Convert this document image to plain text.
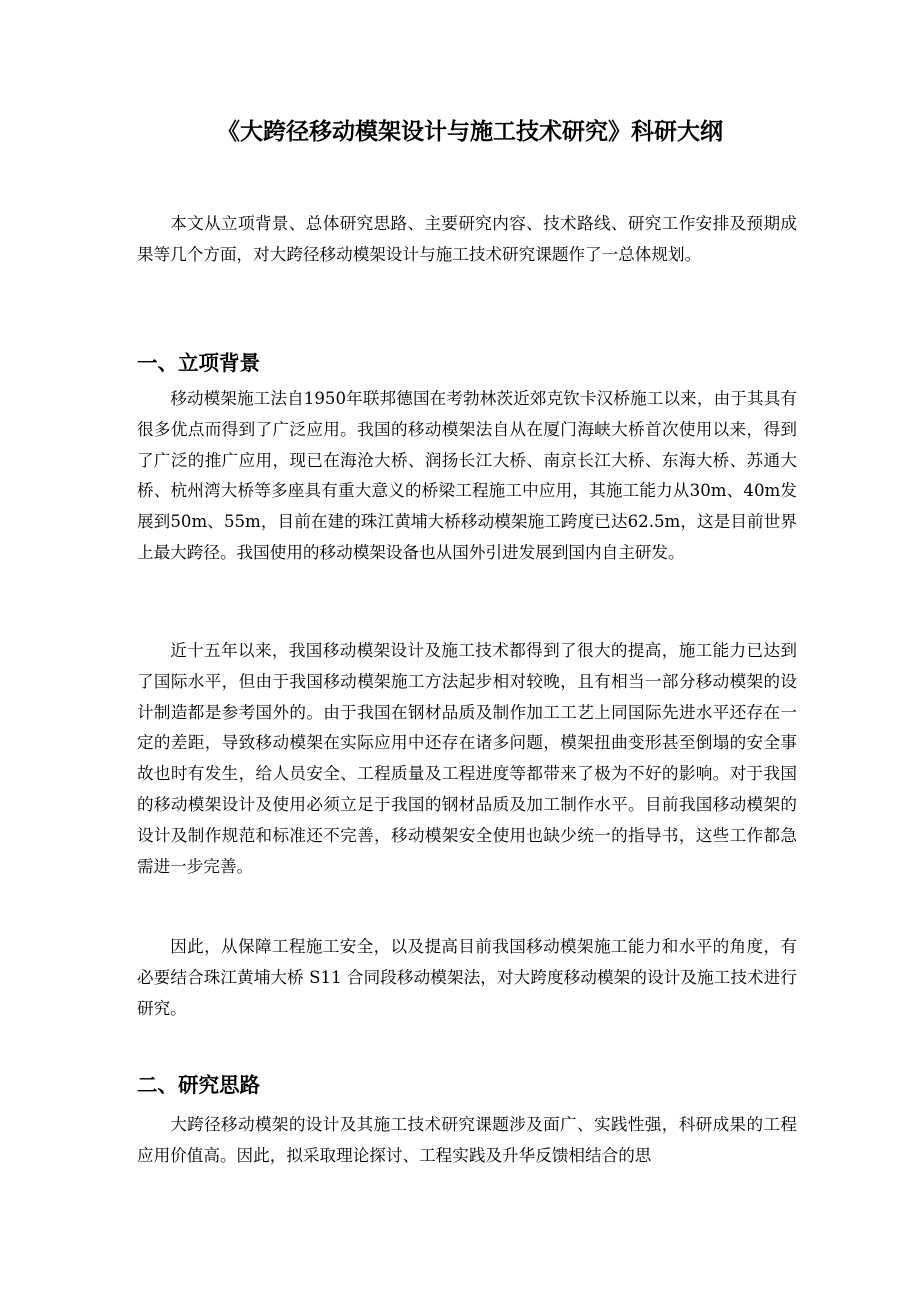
《大跨径移动模架设计与施工技术研究》科研大纲

本文从立项背景、总体研究思路、主要研究内容、技术路线、研究工作安排及预期成果等几个方面，对大跨径移动模架设计与施工技术研究课题作了一总体规划。

一、立项背景

移动模架施工法自1950年联邦德国在考勃林茨近郊克钦卡汉桥施工以来，由于其具有很多优点而得到了广泛应用。我国的移动模架法自从在厦门海峡大桥首次使用以来，得到了广泛的推广应用，现已在海沧大桥、润扬长江大桥、南京长江大桥、东海大桥、苏通大桥、杭州湾大桥等多座具有重大意义的桥梁工程施工中应用，其施工能力从30m、40m发展到50m、55m，目前在建的珠江黄埔大桥移动模架施工跨度已达62.5m，这是目前世界上最大跨径。我国使用的移动模架设备也从国外引进发展到国内自主研发。

近十五年以来，我国移动模架设计及施工技术都得到了很大的提高，施工能力已达到了国际水平，但由于我国移动模架施工方法起步相对较晚，且有相当一部分移动模架的设计制造都是参考国外的。由于我国在钢材品质及制作加工工艺上同国际先进水平还存在一定的差距，导致移动模架在实际应用中还存在诸多问题，模架扭曲变形甚至倒塌的安全事故也时有发生，给人员安全、工程质量及工程进度等都带来了极为不好的影响。对于我国的移动模架设计及使用必须立足于我国的钢材品质及加工制作水平。目前我国移动模架的设计及制作规范和标准还不完善，移动模架安全使用也缺少统一的指导书，这些工作都急需进一步完善。

因此，从保障工程施工安全，以及提高目前我国移动模架施工能力和水平的角度，有必要结合珠江黄埔大桥 S11 合同段移动模架法，对大跨度移动模架的设计及施工技术进行研究。

二、研究思路

大跨径移动模架的设计及其施工技术研究课题涉及面广、实践性强，科研成果的工程应用价值高。因此，拟采取理论探讨、工程实践及升华反馈相结合的思
